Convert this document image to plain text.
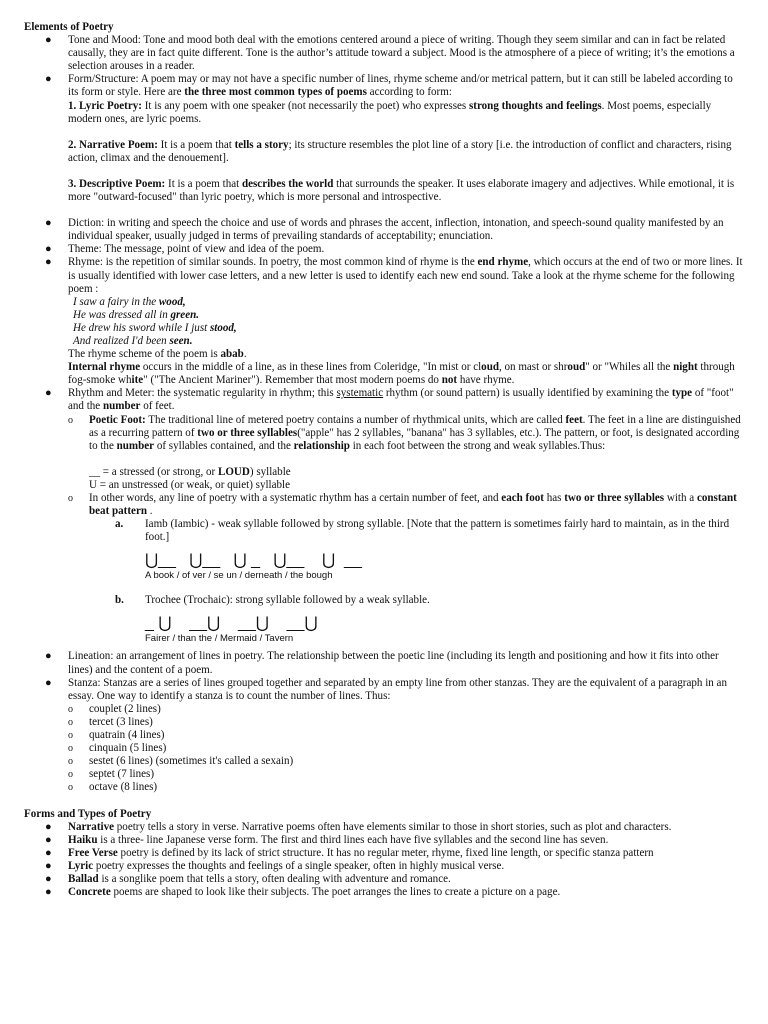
Elements of Poetry
● Tone and Mood: Tone and mood both deal with the emotions centered around a piece of writing. Though they seem similar and can in fact be related causally, they are in fact quite different. Tone is the author’s attitude toward a subject. Mood is the atmosphere of a piece of writing; it’s the emotions a selection arouses in a reader.
● Form/Structure: A poem may or may not have a specific number of lines, rhyme scheme and/or metrical pattern, but it can still be labeled according to its form or style. Here are the three most common types of poems according to form:
1. Lyric Poetry: It is any poem with one speaker (not necessarily the poet) who expresses strong thoughts and feelings. Most poems, especially modern ones, are lyric poems.
2. Narrative Poem: It is a poem that tells a story; its structure resembles the plot line of a story [i.e. the introduction of conflict and characters, rising action, climax and the denouement].
3. Descriptive Poem: It is a poem that describes the world that surrounds the speaker. It uses elaborate imagery and adjectives. While emotional, it is more "outward-focused" than lyric poetry, which is more personal and introspective.
● Diction: in writing and speech the choice and use of words and phrases the accent, inflection, intonation, and speech-sound quality manifested by an individual speaker, usually judged in terms of prevailing standards of acceptability; enunciation.
● Theme: The message, point of view and idea of the poem.
● Rhyme: is the repetition of similar sounds. In poetry, the most common kind of rhyme is the end rhyme, which occurs at the end of two or more lines. It is usually identified with lower case letters, and a new letter is used to identify each new end sound. Take a look at the rhyme scheme for the following poem :
I saw a fairy in the wood,
He was dressed all in green.
He drew his sword while I just stood,
And realized I'd been seen.
The rhyme scheme of the poem is abab.
Internal rhyme occurs in the middle of a line, as in these lines from Coleridge, "In mist or cloud, on mast or shroud" or "Whiles all the night through fog-smoke white" ("The Ancient Mariner"). Remember that most modern poems do not have rhyme.
● Rhythm and Meter: the systematic regularity in rhythm; this systematic rhythm (or sound pattern) is usually identified by examining the type of "foot" and the number of feet.
o Poetic Foot: The traditional line of metered poetry contains a number of rhythmical units, which are called feet. The feet in a line are distinguished as a recurring pattern of two or three syllables("apple" has 2 syllables, "banana" has 3 syllables, etc.). The pattern, or foot, is designated according to the number of syllables contained, and the relationship in each foot between the strong and weak syllables.Thus:
__ = a stressed (or strong, or LOUD) syllable
U = an unstressed (or weak, or quiet) syllable
o In other words, any line of poetry with a systematic rhythm has a certain number of feet, and each foot has two or three syllables with a constant beat pattern .
a. Iamb (Iambic) - weak syllable followed by strong syllable. [Note that the pattern is sometimes fairly hard to maintain, as in the third foot.]
⋃__   ⋃__   ⋃ _   ⋃__    ⋃  __
A book / of ver / se un / derneath / the bough
b. Trochee (Trochaic): strong syllable followed by a weak syllable.
_ ⋃    __⋃    __⋃    __⋃
Fairer / than the / Mermaid / Tavern
● Lineation: an arrangement of lines in poetry. The relationship between the poetic line (including its length and positioning and how it fits into other lines) and the content of a poem.
● Stanza: Stanzas are a series of lines grouped together and separated by an empty line from other stanzas. They are the equivalent of a paragraph in an essay. One way to identify a stanza is to count the number of lines. Thus:
o couplet (2 lines)
o tercet (3 lines)
o quatrain (4 lines)
o cinquain (5 lines)
o sestet (6 lines) (sometimes it's called a sexain)
o septet (7 lines)
o octave (8 lines)
Forms and Types of Poetry
● Narrative poetry tells a story in verse. Narrative poems often have elements similar to those in short stories, such as plot and characters.
● Haiku is a three- line Japanese verse form. The first and third lines each have five syllables and the second line has seven.
● Free Verse poetry is defined by its lack of strict structure. It has no regular meter, rhyme, fixed line length, or specific stanza pattern
● Lyric poetry expresses the thoughts and feelings of a single speaker, often in highly musical verse.
● Ballad is a songlike poem that tells a story, often dealing with adventure and romance.
● Concrete poems are shaped to look like their subjects. The poet arranges the lines to create a picture on a page.
